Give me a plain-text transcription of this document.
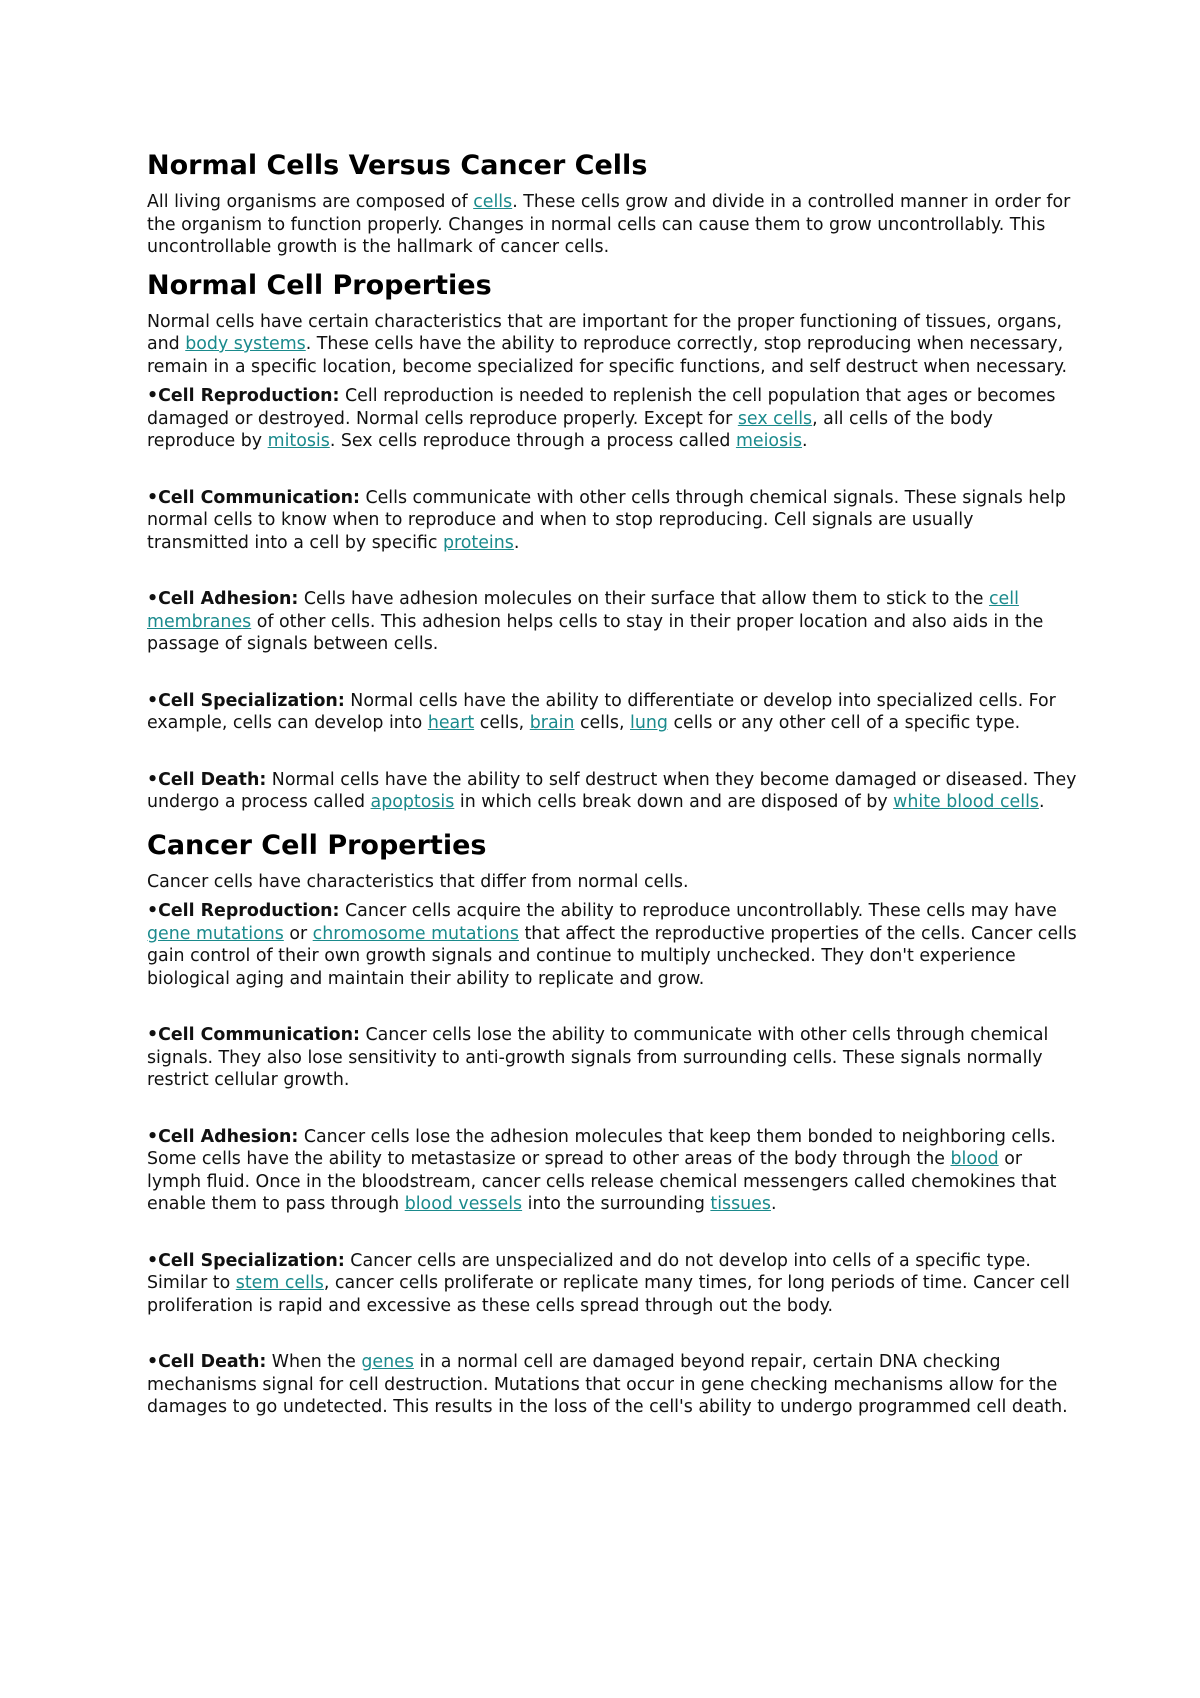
Normal Cells Versus Cancer Cells

All living organisms are composed of cells. These cells grow and divide in a controlled manner in order for the organism to function properly. Changes in normal cells can cause them to grow uncontrollably. This uncontrollable growth is the hallmark of cancer cells.

Normal Cell Properties

Normal cells have certain characteristics that are important for the proper functioning of tissues, organs, and body systems. These cells have the ability to reproduce correctly, stop reproducing when necessary, remain in a specific location, become specialized for specific functions, and self destruct when necessary.

•Cell Reproduction: Cell reproduction is needed to replenish the cell population that ages or becomes damaged or destroyed. Normal cells reproduce properly. Except for sex cells, all cells of the body reproduce by mitosis. Sex cells reproduce through a process called meiosis.
•Cell Communication: Cells communicate with other cells through chemical signals. These signals help normal cells to know when to reproduce and when to stop reproducing. Cell signals are usually transmitted into a cell by specific proteins.
•Cell Adhesion: Cells have adhesion molecules on their surface that allow them to stick to the cell membranes of other cells. This adhesion helps cells to stay in their proper location and also aids in the passage of signals between cells.
•Cell Specialization: Normal cells have the ability to differentiate or develop into specialized cells. For example, cells can develop into heart cells, brain cells, lung cells or any other cell of a specific type.
•Cell Death: Normal cells have the ability to self destruct when they become damaged or diseased. They undergo a process called apoptosis in which cells break down and are disposed of by white blood cells.
Cancer Cell Properties

Cancer cells have characteristics that differ from normal cells.

•Cell Reproduction: Cancer cells acquire the ability to reproduce uncontrollably. These cells may have gene mutations or chromosome mutations that affect the reproductive properties of the cells. Cancer cells gain control of their own growth signals and continue to multiply unchecked. They don't experience biological aging and maintain their ability to replicate and grow.
•Cell Communication: Cancer cells lose the ability to communicate with other cells through chemical signals. They also lose sensitivity to anti-growth signals from surrounding cells. These signals normally restrict cellular growth.
•Cell Adhesion: Cancer cells lose the adhesion molecules that keep them bonded to neighboring cells. Some cells have the ability to metastasize or spread to other areas of the body through the blood or lymph fluid. Once in the bloodstream, cancer cells release chemical messengers called chemokines that enable them to pass through blood vessels into the surrounding tissues.
•Cell Specialization: Cancer cells are unspecialized and do not develop into cells of a specific type. Similar to stem cells, cancer cells proliferate or replicate many times, for long periods of time. Cancer cell proliferation is rapid and excessive as these cells spread through out the body.
•Cell Death: When the genes in a normal cell are damaged beyond repair, certain DNA checking mechanisms signal for cell destruction. Mutations that occur in gene checking mechanisms allow for the damages to go undetected. This results in the loss of the cell's ability to undergo programmed cell death.
